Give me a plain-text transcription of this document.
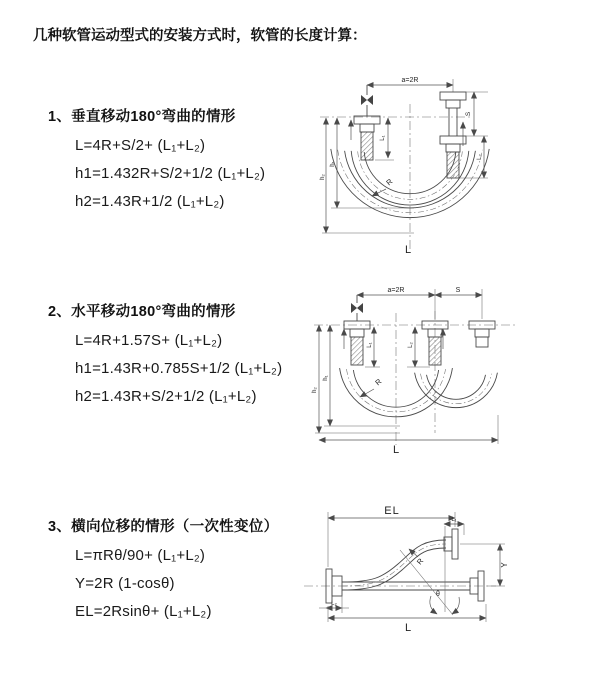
几种软管运动型式的安装方式时，软管的长度计算：
1、垂直移动180°弯曲的情形
L=4R+S/2+ (L₁+L₂)
h1=1.432R+S/2+1/2 (L₁+L₂)
h2=1.43R+1/2 (L₁+L₂)
2、水平移动180°弯曲的情形
L=4R+1.57S+ (L₁+L₂)
h1=1.43R+0.785S+1/2 (L₁+L₂)
h2=1.43R+S/2+1/2 (L₁+L₂)
3、横向位移的情形（一次性变位）
L=πRθ/90+ (L₁+L₂)
Y=2R (1-cosθ)
EL=2Rsinθ+ (L₁+L₂)
a=2R
L₁
S
L₂
h₂
h₁
R
L
a=2R	S
L₁	L₂
h₂
h₁	R
L
EL
L₁
θ
R	Y
L₂
L
